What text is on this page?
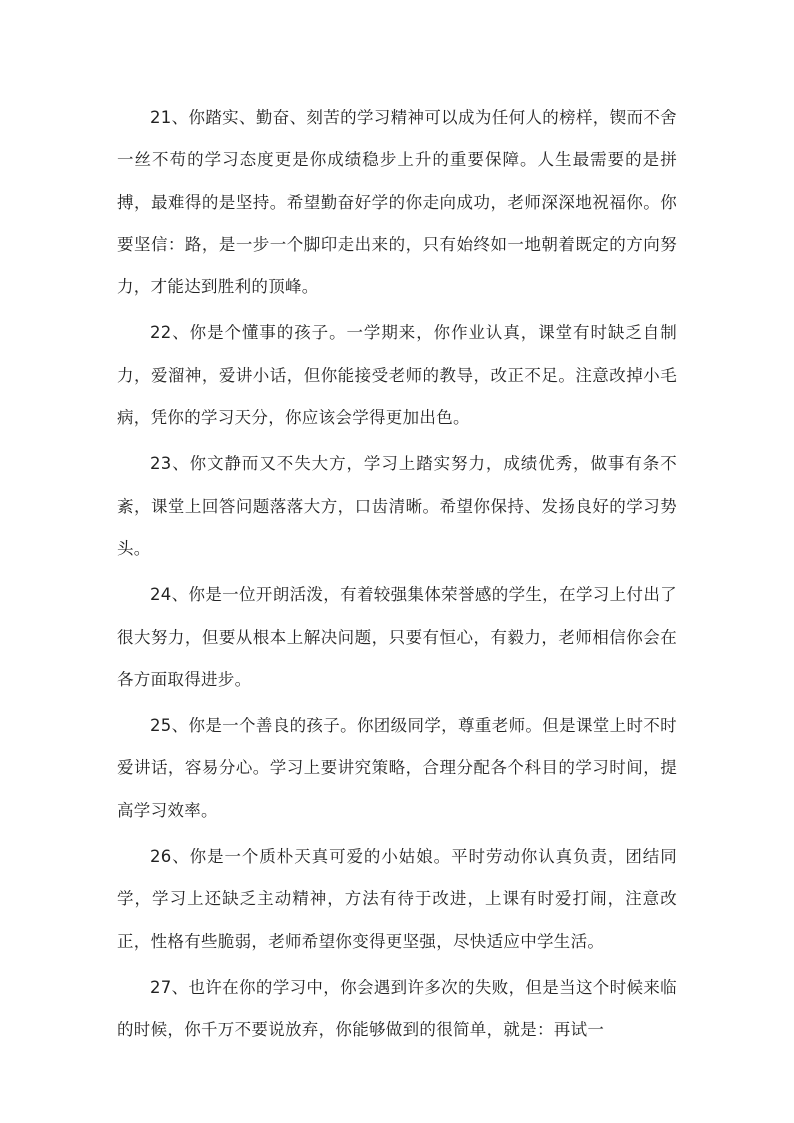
21、你踏实、勤奋、刻苦的学习精神可以成为任何人的榜样，锲而不舍一丝不苟的学习态度更是你成绩稳步上升的重要保障。人生最需要的是拼搏，最难得的是坚持。希望勤奋好学的你走向成功，老师深深地祝福你。你要坚信：路，是一步一个脚印走出来的，只有始终如一地朝着既定的方向努力，才能达到胜利的顶峰。

22、你是个懂事的孩子。一学期来，你作业认真，课堂有时缺乏自制力，爱溜神，爱讲小话，但你能接受老师的教导，改正不足。注意改掉小毛病，凭你的学习天分，你应该会学得更加出色。

23、你文静而又不失大方，学习上踏实努力，成绩优秀，做事有条不紊，课堂上回答问题落落大方，口齿清晰。希望你保持、发扬良好的学习势头。

24、你是一位开朗活泼，有着较强集体荣誉感的学生，在学习上付出了很大努力，但要从根本上解决问题，只要有恒心，有毅力，老师相信你会在各方面取得进步。

25、你是一个善良的孩子。你团级同学，尊重老师。但是课堂上时不时爱讲话，容易分心。学习上要讲究策略，合理分配各个科目的学习时间，提高学习效率。

26、你是一个质朴天真可爱的小姑娘。平时劳动你认真负责，团结同学，学习上还缺乏主动精神，方法有待于改进，上课有时爱打闹，注意改正，性格有些脆弱，老师希望你变得更坚强，尽快适应中学生活。

27、也许在你的学习中，你会遇到许多次的失败，但是当这个时候来临的时候，你千万不要说放弃，你能够做到的很简单，就是：再试一
